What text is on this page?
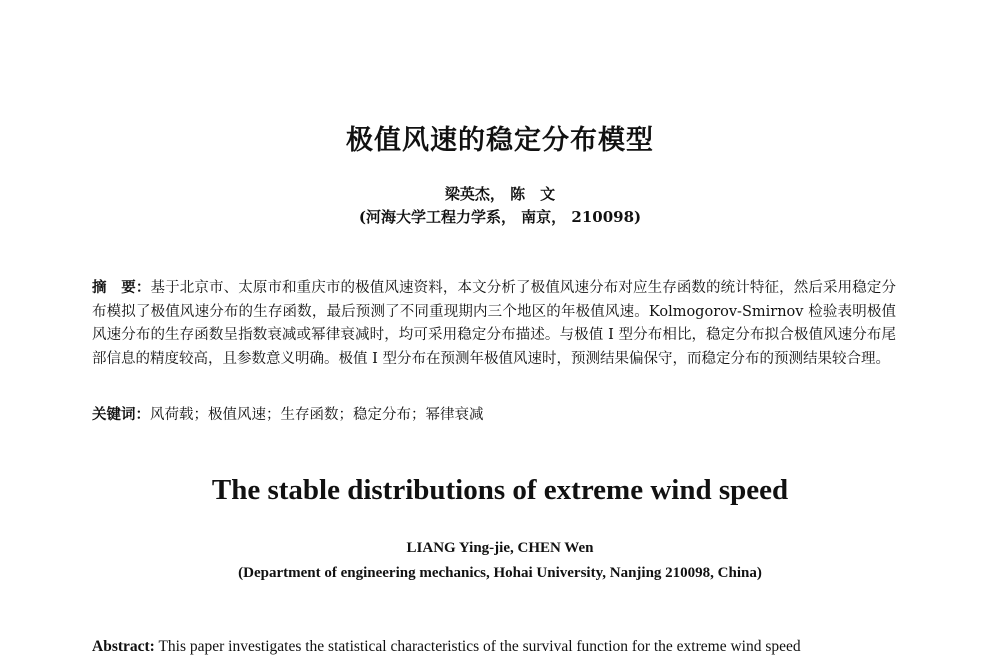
极值风速的稳定分布模型
梁英杰， 陈　文
(河海大学工程力学系， 南京， 210098)
摘　要：基于北京市、太原市和重庆市的极值风速资料，本文分析了极值风速分布对应生存函数的统计特征，然后采用稳定分布模拟了极值风速分布的生存函数，最后预测了不同重现期内三个地区的年极值风速。Kolmogorov-Smirnov 检验表明极值风速分布的生存函数呈指数衰减或幂律衰减时，均可采用稳定分布描述。与极值 I 型分布相比，稳定分布拟合极值风速分布尾部信息的精度较高，且参数意义明确。极值 I 型分布在预测年极值风速时，预测结果偏保守，而稳定分布的预测结果较合理。
关键词：风荷载；极值风速；生存函数；稳定分布；幂律衰减
The stable distributions of extreme wind speed
LIANG Ying-jie, CHEN Wen
(Department of engineering mechanics, Hohai University, Nanjing 210098, China)
Abstract: This paper investigates the statistical characteristics of the survival function for the extreme wind speed
